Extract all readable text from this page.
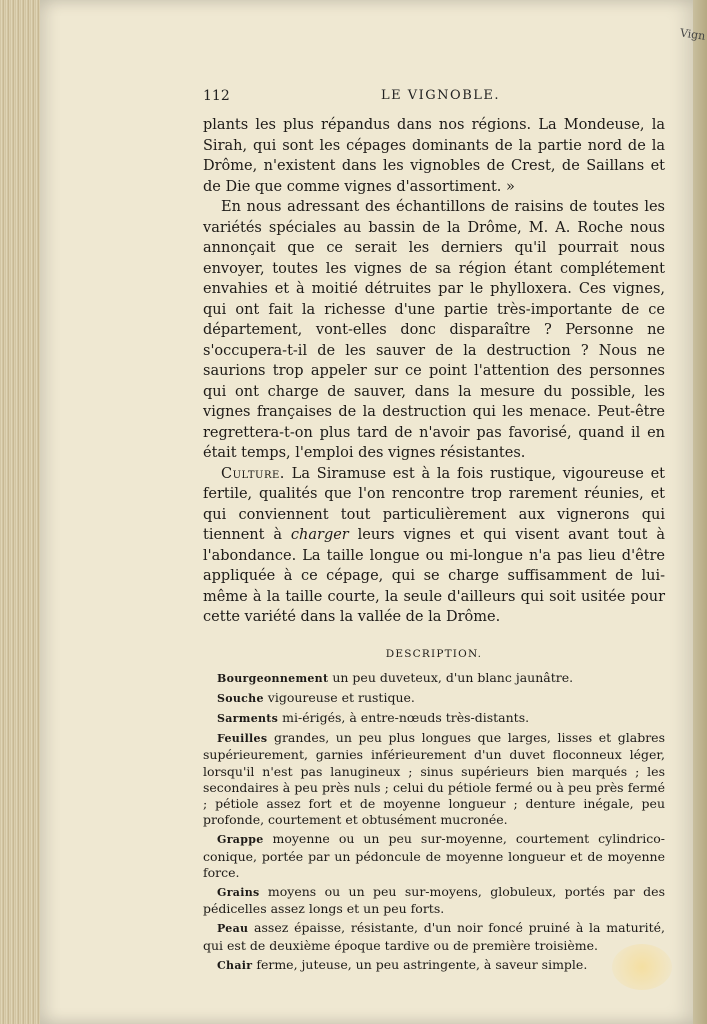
Vign
112	LE VIGNOBLE.

plants les plus répandus dans nos régions. La Mondeuse, la Sirah, qui sont les cépages dominants de la partie nord de la Drôme, n'existent dans les vignobles de Crest, de Saillans et de Die que comme vignes d'assortiment. »

En nous adressant des échantillons de raisins de toutes les variétés spéciales au bassin de la Drôme, M. A. Roche nous annonçait que ce serait les derniers qu'il pourrait nous envoyer, toutes les vignes de sa région étant complétement envahies et à moitié détruites par le phylloxera. Ces vignes, qui ont fait la richesse d'une partie très-importante de ce département, vont-elles donc disparaître ? Personne ne s'occupera-t-il de les sauver de la destruction ? Nous ne saurions trop appeler sur ce point l'attention des personnes qui ont charge de sauver, dans la mesure du possible, les vignes françaises de la destruction qui les menace. Peut-être regrettera-t-on plus tard de n'avoir pas favorisé, quand il en était temps, l'emploi des vignes résistantes.

Culture. La Siramuse est à la fois rustique, vigoureuse et fertile, qualités que l'on rencontre trop rarement réunies, et qui conviennent tout particulièrement aux vignerons qui tiennent à charger leurs vignes et qui visent avant tout à l'abondance. La taille longue ou mi-longue n'a pas lieu d'être appliquée à ce cépage, qui se charge suffisamment de lui-même à la taille courte, la seule d'ailleurs qui soit usitée pour cette variété dans la vallée de la Drôme.

DESCRIPTION.

Bourgeonnement un peu duveteux, d'un blanc jaunâtre.

Souche vigoureuse et rustique.

Sarments mi-érigés, à entre-nœuds très-distants.

Feuilles grandes, un peu plus longues que larges, lisses et glabres supérieurement, garnies inférieurement d'un duvet floconneux léger, lorsqu'il n'est pas lanugineux ; sinus supérieurs bien marqués ; les secondaires à peu près nuls ; celui du pétiole fermé ou à peu près fermé ; pétiole assez fort et de moyenne longueur ; denture inégale, peu profonde, courtement et obtusément mucronée.

Grappe moyenne ou un peu sur-moyenne, courtement cylindrico-conique, portée par un pédoncule de moyenne longueur et de moyenne force.

Grains moyens ou un peu sur-moyens, globuleux, portés par des pédicelles assez longs et un peu forts.

Peau assez épaisse, résistante, d'un noir foncé pruiné à la maturité, qui est de deuxième époque tardive ou de première troisième.

Chair ferme, juteuse, un peu astringente, à saveur simple.
